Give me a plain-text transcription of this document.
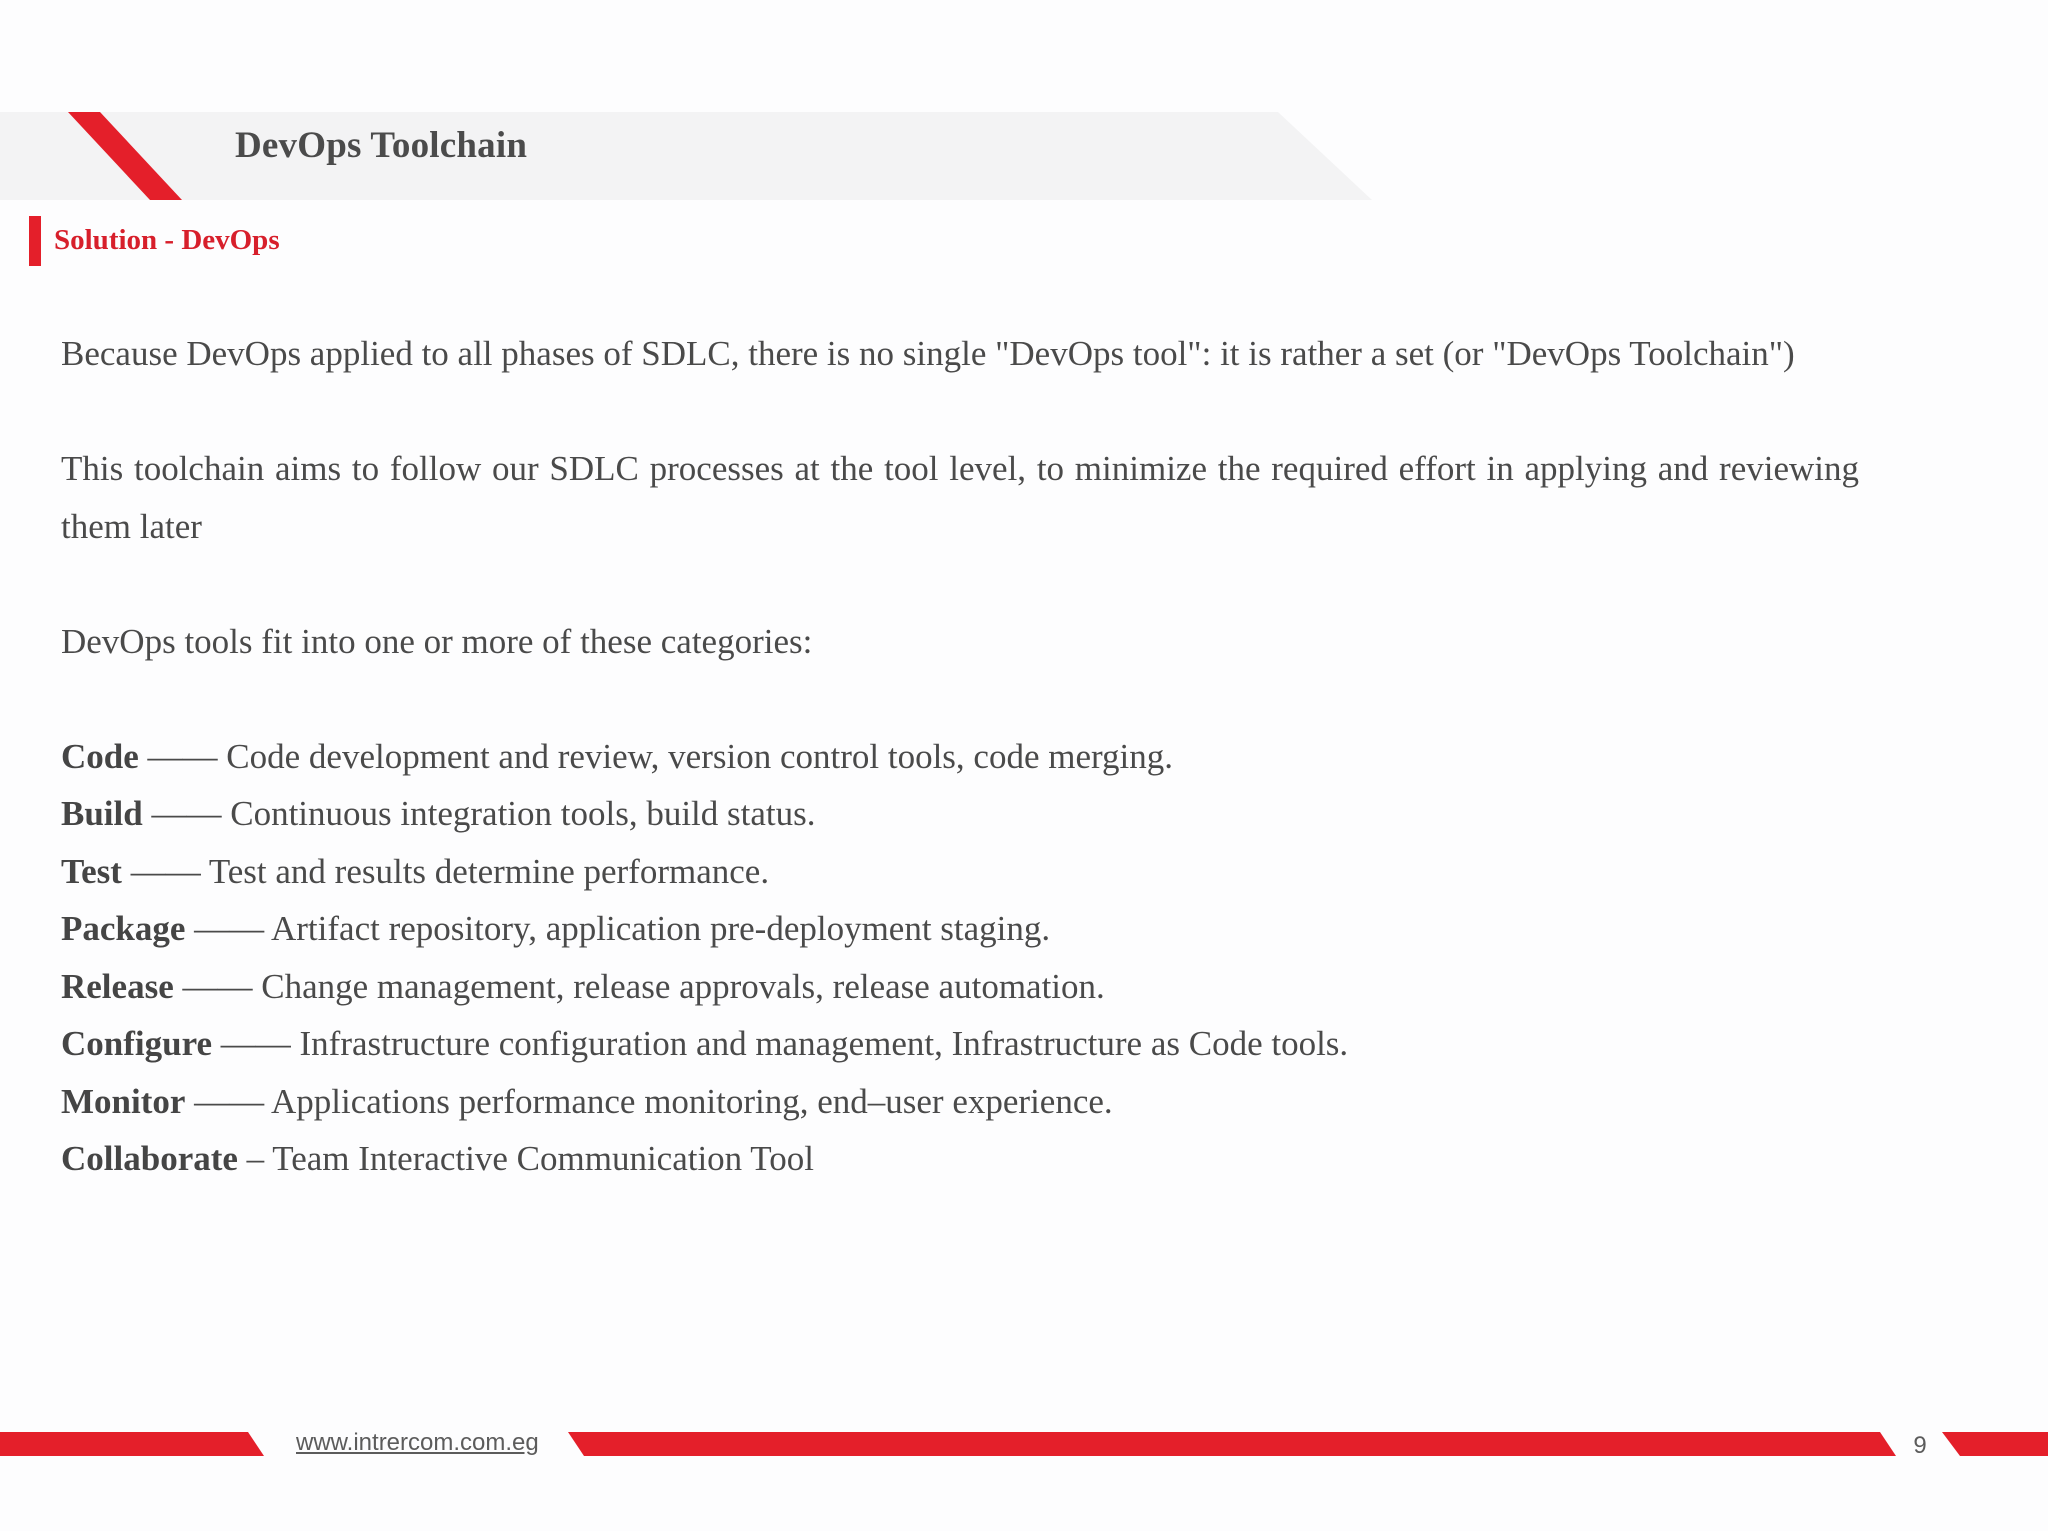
DevOps Toolchain
Solution - DevOps

Because DevOps applied to all phases of SDLC, there is no single "DevOps tool": it is rather a set (or "DevOps Toolchain")

This toolchain aims to follow our SDLC processes at the tool level, to minimize the required effort in applying and reviewing them later

DevOps tools fit into one or more of these categories:

Code —— Code development and review, version control tools, code merging.
Build —— Continuous integration tools, build status.
Test —— Test and results determine performance.
Package —— Artifact repository, application pre-deployment staging.
Release —— Change management, release approvals, release automation.
Configure —— Infrastructure configuration and management, Infrastructure as Code tools.
Monitor —— Applications performance monitoring, end–user experience.
Collaborate – Team Interactive Communication Tool
www.intrercom.com.eg	9
